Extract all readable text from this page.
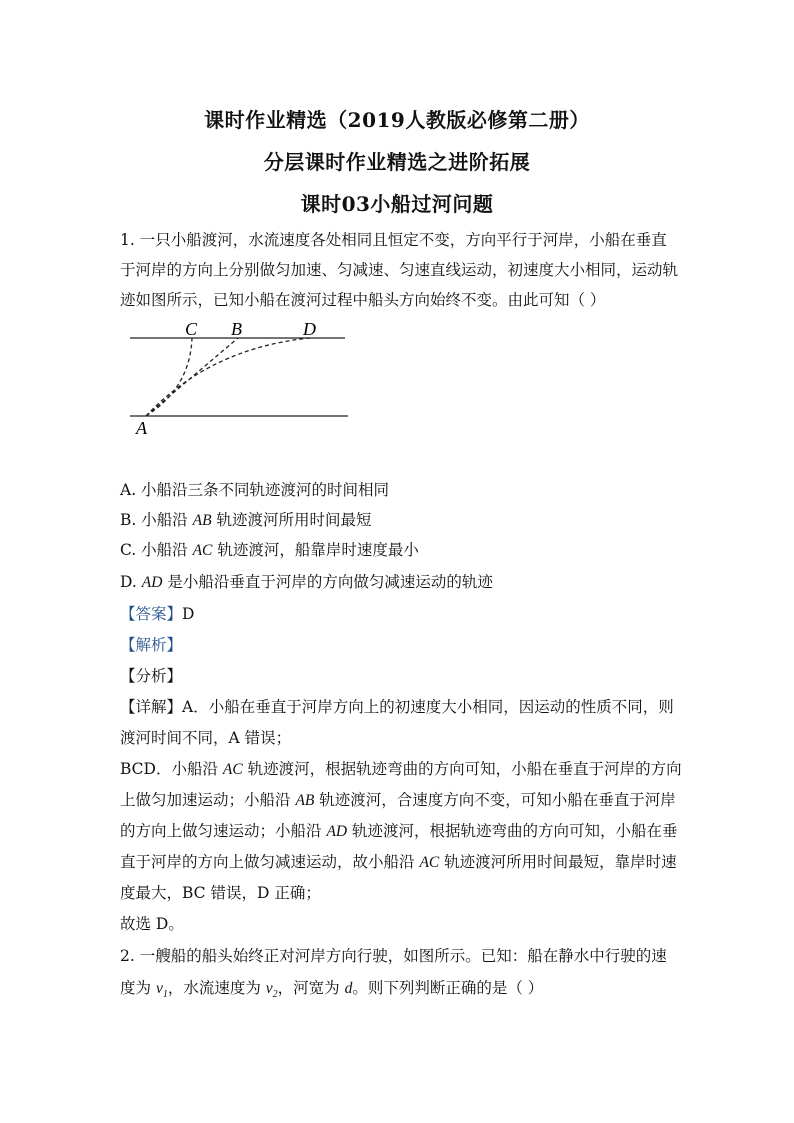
课时作业精选（2019人教版必修第二册）
分层课时作业精选之进阶拓展
课时03小船过河问题
1. 一只小船渡河，水流速度各处相同且恒定不变，方向平行于河岸，小船在垂直
于河岸的方向上分别做匀加速、匀减速、匀速直线运动，初速度大小相同，运动轨
迹如图所示，已知小船在渡河过程中船头方向始终不变。由此可知（ ）
C B	D
A
A. 小船沿三条不同轨迹渡河的时间相同
B. 小船沿 AB 轨迹渡河所用时间最短
C. 小船沿 AC 轨迹渡河，船靠岸时速度最小
D. AD 是小船沿垂直于河岸的方向做匀减速运动的轨迹
【答案】D
【解析】
【分析】
【详解】A．小船在垂直于河岸方向上的初速度大小相同，因运动的性质不同，则
渡河时间不同，A 错误；
BCD．小船沿 AC 轨迹渡河，根据轨迹弯曲的方向可知，小船在垂直于河岸的方向
上做匀加速运动；小船沿 AB 轨迹渡河，合速度方向不变，可知小船在垂直于河岸
的方向上做匀速运动；小船沿 AD 轨迹渡河，根据轨迹弯曲的方向可知，小船在垂
直于河岸的方向上做匀减速运动，故小船沿 AC 轨迹渡河所用时间最短，靠岸时速
度最大，BC 错误，D 正确；
故选 D。
2. 一艘船的船头始终正对河岸方向行驶，如图所示。已知：船在静水中行驶的速
度为 $v_1$，水流速度为 $v_2$，河宽为 d。则下列判断正确的是（ ）
